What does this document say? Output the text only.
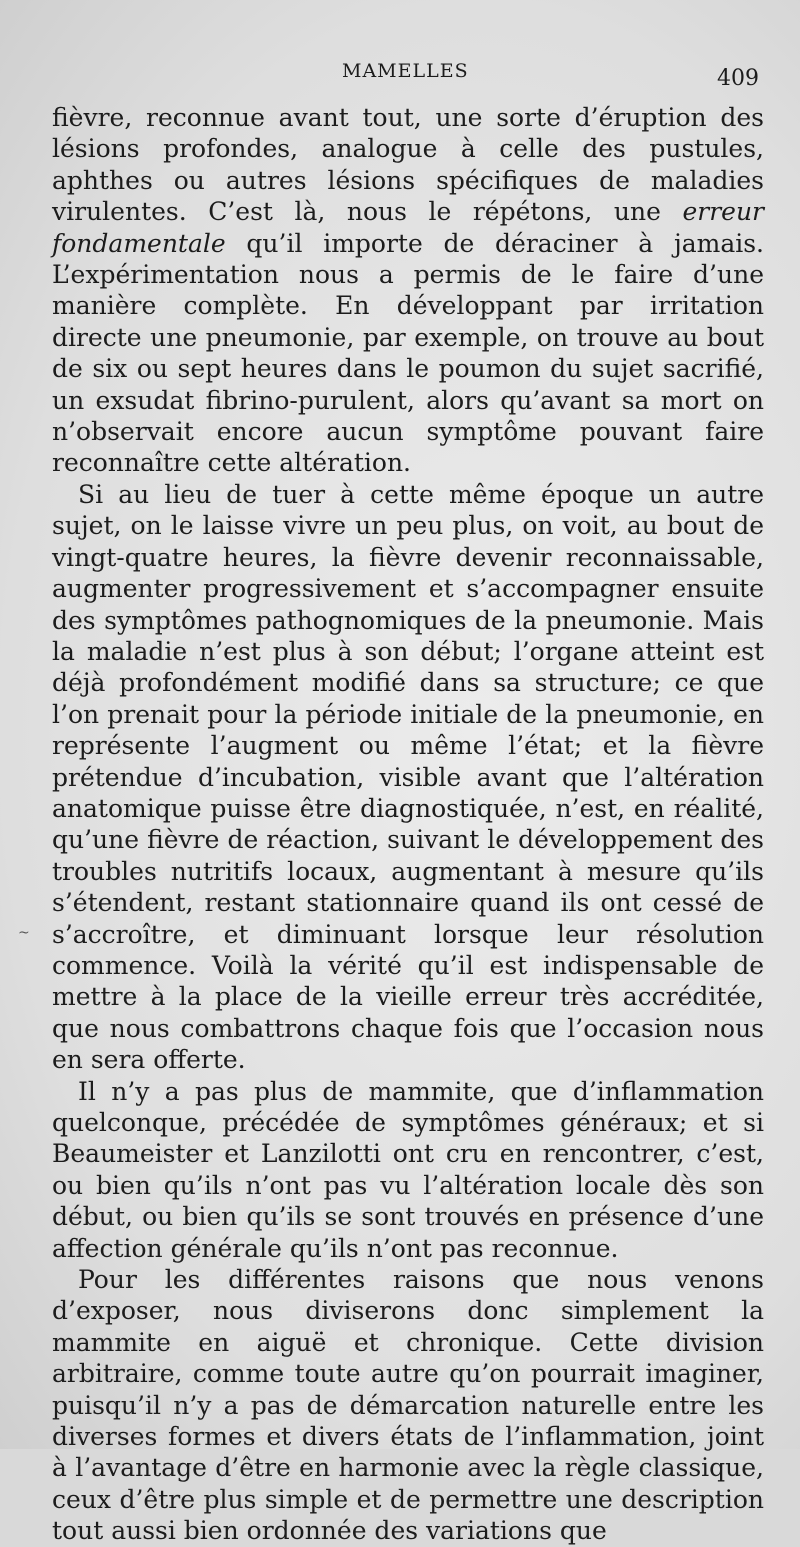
MAMELLES	409
~

fièvre, reconnue avant tout, une sorte d’éruption des lésions profondes, analogue à celle des pustules, aphthes ou autres lésions spécifiques de maladies virulentes. C’est là, nous le répétons, une erreur fondamentale qu’il importe de déraciner à jamais. L’expérimentation nous a permis de le faire d’une manière complète. En développant par irritation directe une pneumonie, par exemple, on trouve au bout de six ou sept heures dans le poumon du sujet sacrifié, un exsudat fibrino-purulent, alors qu’avant sa mort on n’observait encore aucun symptôme pouvant faire reconnaître cette altération.

Si au lieu de tuer à cette même époque un autre sujet, on le laisse vivre un peu plus, on voit, au bout de vingt-quatre heures, la fièvre devenir reconnaissable, augmenter progressivement et s’accompagner ensuite des symptômes pathognomiques de la pneumonie. Mais la maladie n’est plus à son début; l’organe atteint est déjà profondément modifié dans sa structure; ce que l’on prenait pour la période initiale de la pneumonie, en représente l’augment ou même l’état; et la fièvre prétendue d’incubation, visible avant que l’altération anatomique puisse être diagnostiquée, n’est, en réalité, qu’une fièvre de réaction, suivant le développement des troubles nutritifs locaux, augmentant à mesure qu’ils s’étendent, restant stationnaire quand ils ont cessé de s’accroître, et diminuant lorsque leur résolution commence. Voilà la vérité qu’il est indispensable de mettre à la place de la vieille erreur très accréditée, que nous combattrons chaque fois que l’occasion nous en sera offerte.

Il n’y a pas plus de mammite, que d’inflammation quelconque, précédée de symptômes généraux; et si Beaumeister et Lanzilotti ont cru en rencontrer, c’est, ou bien qu’ils n’ont pas vu l’altération locale dès son début, ou bien qu’ils se sont trouvés en présence d’une affection générale qu’ils n’ont pas reconnue.

Pour les différentes raisons que nous venons d’exposer, nous diviserons donc simplement la mammite en aiguë et chronique. Cette division arbitraire, comme toute autre qu’on pourrait imaginer, puisqu’il n’y a pas de démarcation naturelle entre les diverses formes et divers états de l’inflammation, joint à l’avantage d’être en harmonie avec la règle classique, ceux d’être plus simple et de permettre une description tout aussi bien ordonnée des variations que
